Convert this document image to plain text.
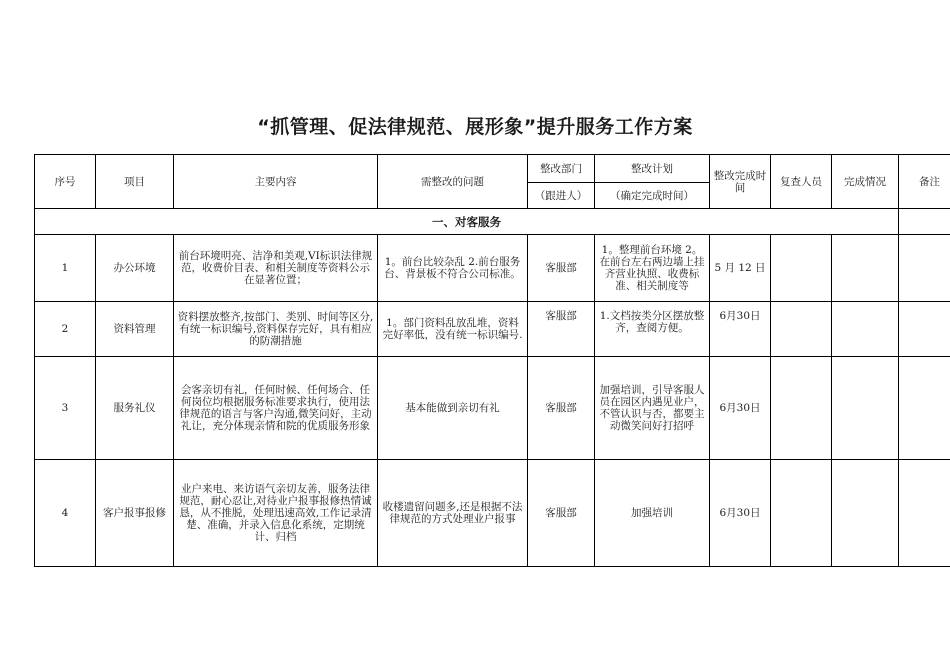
“抓管理、促法律规范、展形象”提升服务工作方案
序号	项目	主要内容	需整改的问题	整改部门	整改计划	整改完成时间	复查人员	完成情况	备注
				（跟进人）	（确定完成时间）				
一、对客服务									
1	办公环境	前台环境明亮、洁净和美观,VI标识法律规范，收费价目表、和相关制度等资料公示在显著位置；	1。前台比较杂乱 2.前台服务台、背景板不符合公司标准。	客服部	1。整理前台环境 2。在前台左右两边墙上挂齐营业执照、收费标准、相关制度等	5 月 12 日			
2	资料管理	资料摆放整齐,按部门、类别、时间等区分,有统一标识编号,资料保存完好，具有相应的防潮措施	1。部门资料乱放乱堆，资料完好率低，没有统一标识编号.	客服部	1.文档按类分区摆放整齐，查阅方便。	6月30日			
3	服务礼仪	会客亲切有礼，任何时候、任何场合、任何岗位均根据服务标准要求执行，使用法律规范的语言与客户沟通,微笑问好，主动礼让，充分体现亲情和院的优质服务形象	基本能做到亲切有礼	客服部	加强培训，引导客服人员在园区内遇见业户，不管认识与否，都要主动微笑问好打招呼	6月30日			
4	客户报事报修	业户来电、来访语气亲切友善，服务法律规范，耐心忍让,对待业户报事报修热情诚恳，从不推脱，处理迅速高效,工作记录清楚、准确，并录入信息化系统，定期统计、归档	收楼遗留问题多,还是根据不法律规范的方式处理业户报事	客服部	加强培训	6月30日			
